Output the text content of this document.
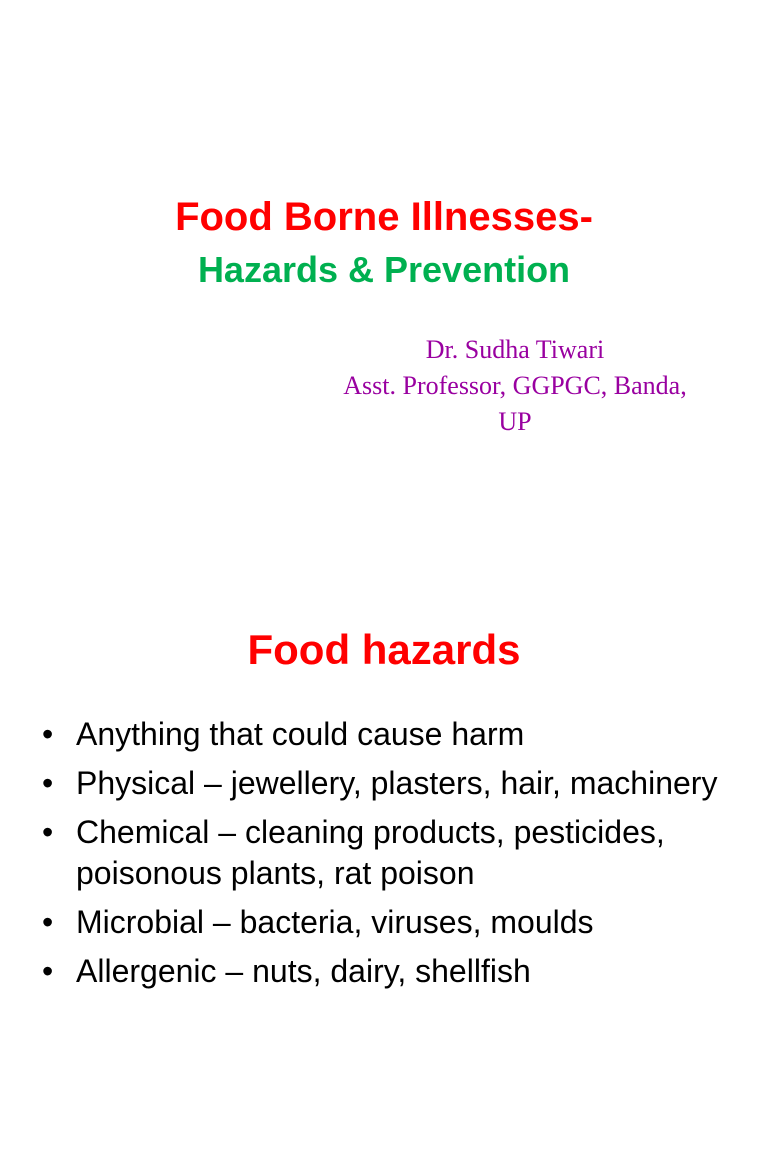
Food Borne Illnesses-
Hazards & Prevention
Dr. Sudha Tiwari
Asst. Professor, GGPGC, Banda,
UP
Food hazards
• Anything that could cause harm
• Physical – jewellery, plasters, hair, machinery
• Chemical – cleaning products, pesticides, poisonous plants, rat poison
• Microbial – bacteria, viruses, moulds
• Allergenic – nuts, dairy, shellfish
